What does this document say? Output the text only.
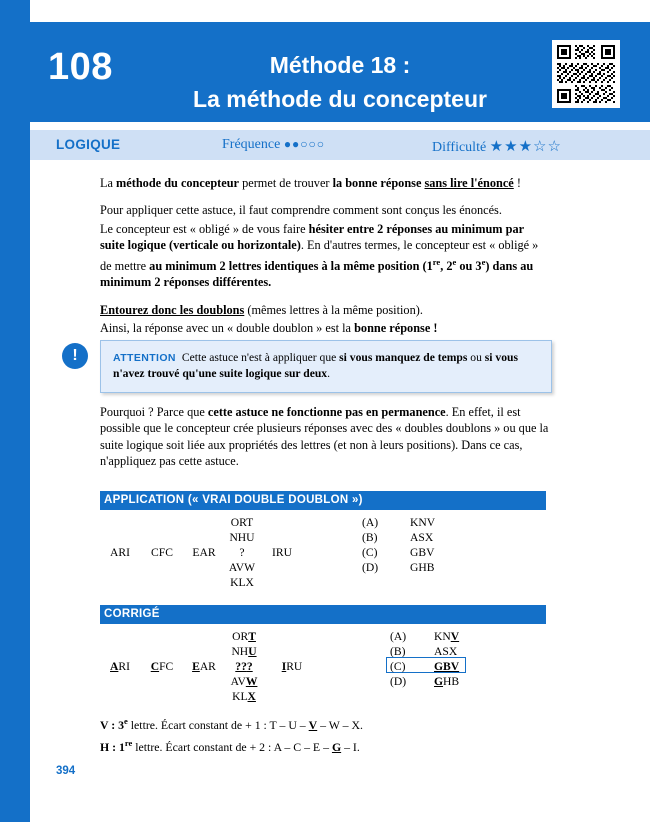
108	Méthode 18 :
La méthode du concepteur
LOGIQUE	Fréquence ●●○○○	Difficulté ★★★☆☆

La méthode du concepteur permet de trouver la bonne réponse sans lire l'énoncé !

Pour appliquer cette astuce, il faut comprendre comment sont conçus les énoncés.

Le concepteur est « obligé » de vous faire hésiter entre 2 réponses au minimum par suite logique (verticale ou horizontale). En d'autres termes, le concepteur est « obligé » de mettre au minimum 2 lettres identiques à la même position (1re, 2e ou 3e) dans au minimum 2 réponses différentes.

Entourez donc les doublons (mêmes lettres à la même position).

Ainsi, la réponse avec un « double doublon » est la bonne réponse !

!	ATTENTION Cette astuce n'est à appliquer que si vous manquez de temps ou si vous n'avez trouvé qu'une suite logique sur deux.

Pourquoi ? Parce que cette astuce ne fonctionne pas en permanence. En effet, il est possible que le concepteur crée plusieurs réponses avec des « doubles doublons » ou que la suite logique soit liée aux propriétés des lettres (et non à leurs positions). Dans ce cas, n'appliquez pas cette astuce.

APPLICATION (« VRAI DOUBLE DOUBLON »)
ORT
NHU
?
AVW
KLX
ARI	CFC	EAR	IRU
(A)	KNV
(B)	ASX
(C)	GBV
(D)	GHB
CORRIGÉ
ORT
NHU
???
AVW
KLX
ARI	CFC	EAR	IRU
(A) KNV
(B) ASX
(C) GBV
(D) GHB
V : 3e lettre. Écart constant de + 1 : T – U – V – W – X.
H : 1re lettre. Écart constant de + 2 : A – C – E – G – I.
394
